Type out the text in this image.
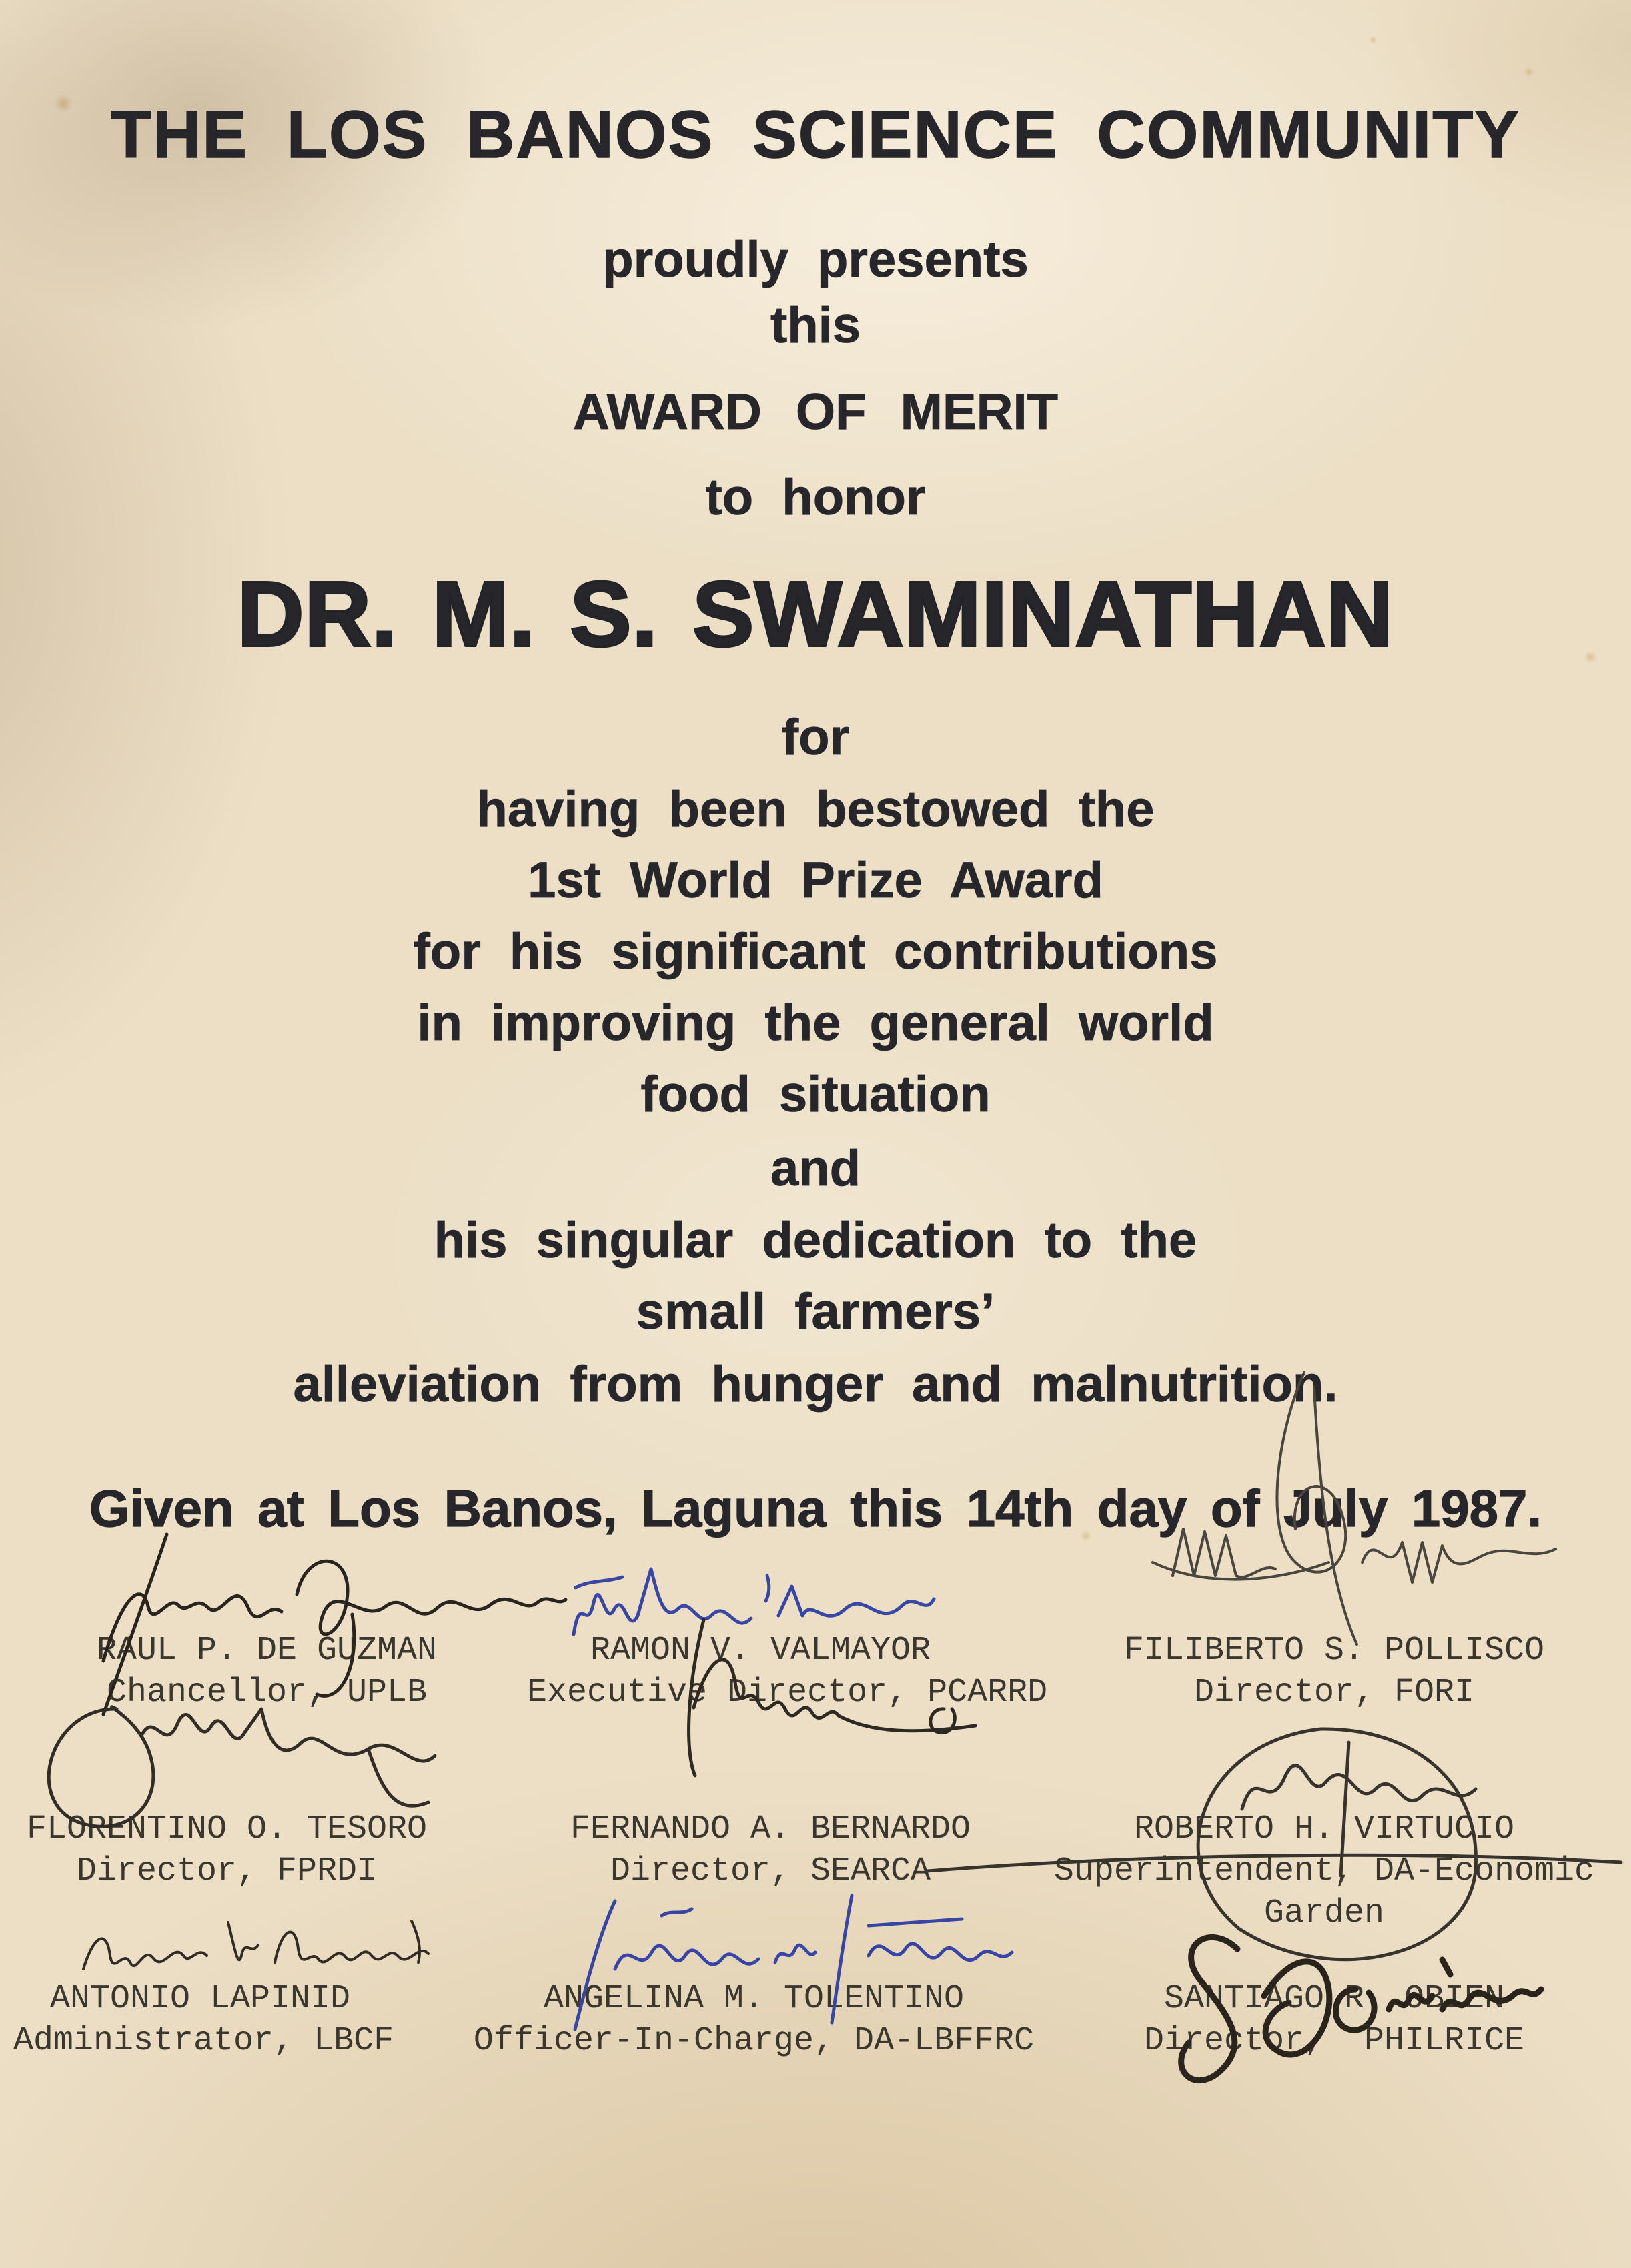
THE LOS BANOS SCIENCE COMMUNITY
proudly presents
this
AWARD OF MERIT
to honor
DR. M. S. SWAMINATHAN
for
having been bestowed the
1st World Prize Award
for his significant contributions
in improving the general world
food situation
and
his singular dedication to the
small farmers’
alleviation from hunger and malnutrition.
Given at Los Banos, Laguna this 14th day of July 1987.
RAUL P. DE GUZMAN
Chancellor, UPLB
RAMON V. VALMAYOR
Executive Director, PCARRD
FILIBERTO S. POLLISCO
Director, FORI
FLORENTINO O. TESORO
Director, FPRDI
FERNANDO A. BERNARDO
Director, SEARCA
ROBERTO H. VIRTUCIO
Superintendent, DA-Economic
Garden
ANTONIO LAPINID
Administrator, LBCF
ANGELINA M. TOLENTINO
Officer-In-Charge, DA-LBFFRC
SANTIAGO R. OBIEN
Director,  PHILRICE
